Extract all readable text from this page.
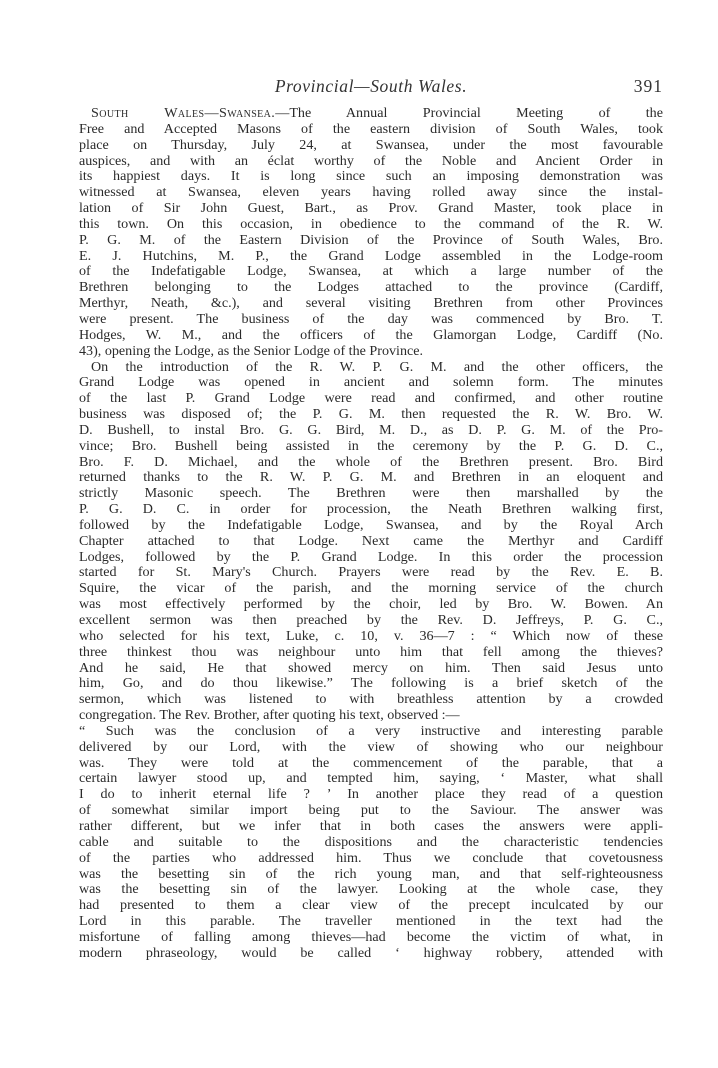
Provincial—South Wales.	391
South Wales—Swansea.—The Annual Provincial Meeting of the
Free and Accepted Masons of the eastern division of South Wales, took
place on Thursday, July 24, at Swansea, under the most favourable
auspices, and with an éclat worthy of the Noble and Ancient Order in
its happiest days. It is long since such an imposing demonstration was
witnessed at Swansea, eleven years having rolled away since the instal-
lation of Sir John Guest, Bart., as Prov. Grand Master, took place in
this town. On this occasion, in obedience to the command of the R. W.
P. G. M. of the Eastern Division of the Province of South Wales, Bro.
E. J. Hutchins, M. P., the Grand Lodge assembled in the Lodge-room
of the Indefatigable Lodge, Swansea, at which a large number of the
Brethren belonging to the Lodges attached to the province (Cardiff,
Merthyr, Neath, &c.), and several visiting Brethren from other Provinces
were present. The business of the day was commenced by Bro. T.
Hodges, W. M., and the officers of the Glamorgan Lodge, Cardiff (No.
43), opening the Lodge, as the Senior Lodge of the Province.
On the introduction of the R. W. P. G. M. and the other officers, the
Grand Lodge was opened in ancient and solemn form. The minutes
of the last P. Grand Lodge were read and confirmed, and other routine
business was disposed of; the P. G. M. then requested the R. W. Bro. W.
D. Bushell, to instal Bro. G. G. Bird, M. D., as D. P. G. M. of the Pro-
vince; Bro. Bushell being assisted in the ceremony by the P. G. D. C.,
Bro. F. D. Michael, and the whole of the Brethren present. Bro. Bird
returned thanks to the R. W. P. G. M. and Brethren in an eloquent and
strictly Masonic speech. The Brethren were then marshalled by the
P. G. D. C. in order for procession, the Neath Brethren walking first,
followed by the Indefatigable Lodge, Swansea, and by the Royal Arch
Chapter attached to that Lodge. Next came the Merthyr and Cardiff
Lodges, followed by the P. Grand Lodge. In this order the procession
started for St. Mary's Church. Prayers were read by the Rev. E. B.
Squire, the vicar of the parish, and the morning service of the church
was most effectively performed by the choir, led by Bro. W. Bowen. An
excellent sermon was then preached by the Rev. D. Jeffreys, P. G. C.,
who selected for his text, Luke, c. 10, v. 36—7 : “ Which now of these
three thinkest thou was neighbour unto him that fell among the thieves?
And he said, He that showed mercy on him. Then said Jesus unto
him, Go, and do thou likewise.” The following is a brief sketch of the
sermon, which was listened to with breathless attention by a crowded
congregation. The Rev. Brother, after quoting his text, observed :—
“ Such was the conclusion of a very instructive and interesting parable
delivered by our Lord, with the view of showing who our neighbour
was. They were told at the commencement of the parable, that a
certain lawyer stood up, and tempted him, saying, ‘ Master, what shall
I do to inherit eternal life ? ’ In another place they read of a question
of somewhat similar import being put to the Saviour. The answer was
rather different, but we infer that in both cases the answers were appli-
cable and suitable to the dispositions and the characteristic tendencies
of the parties who addressed him. Thus we conclude that covetousness
was the besetting sin of the rich young man, and that self-righteousness
was the besetting sin of the lawyer. Looking at the whole case, they
had presented to them a clear view of the precept inculcated by our
Lord in this parable. The traveller mentioned in the text had the
misfortune of falling among thieves—had become the victim of what, in
modern phraseology, would be called ‘ highway robbery, attended with
